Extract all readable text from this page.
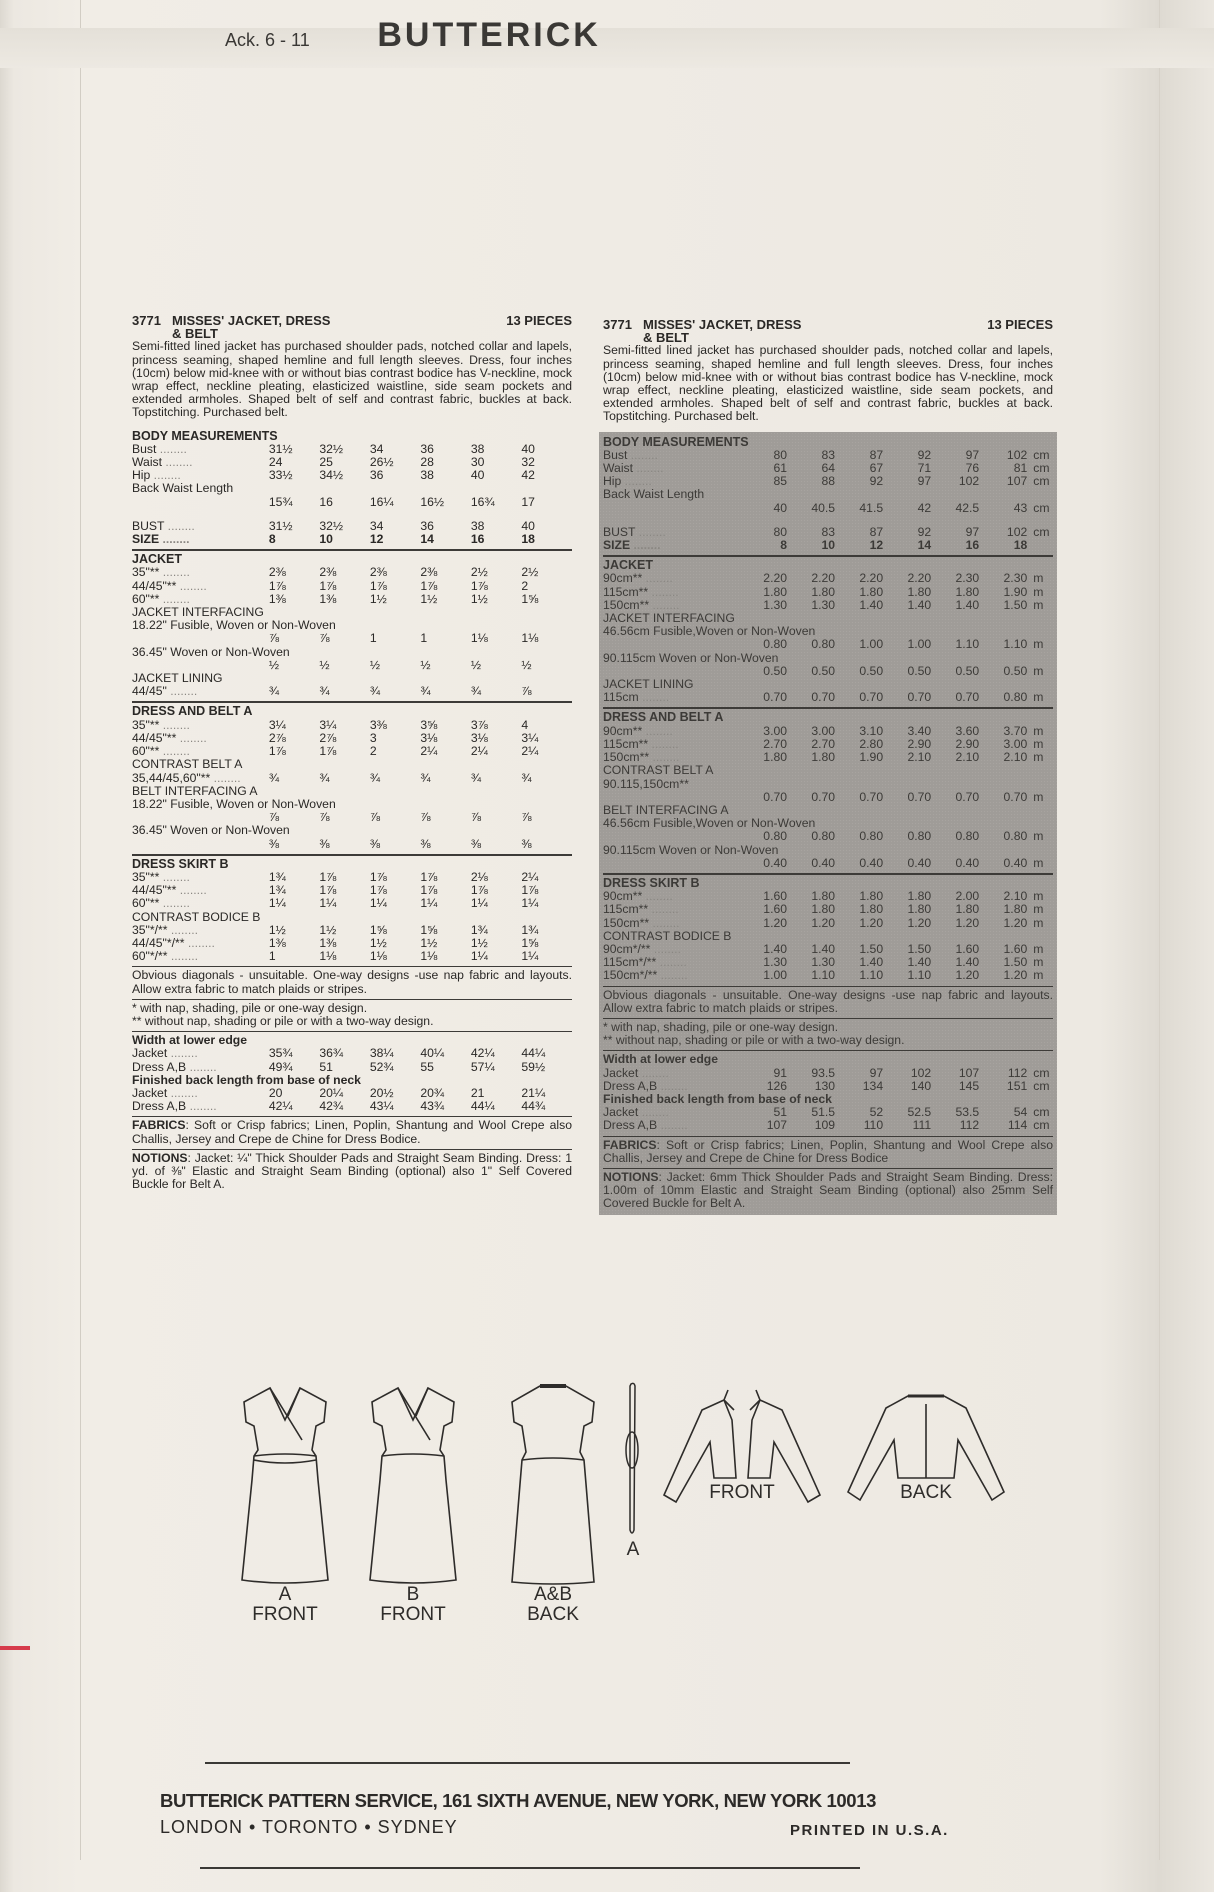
Ack. 6 - 11 BUTTERICK
3771 MISSES' JACKET, DRESS
& BELT
13 PIECES

Semi-fitted lined jacket has purchased shoulder pads, notched collar and lapels, princess seaming, shaped hemline and full length sleeves. Dress, four inches (10cm) below mid-knee with or without bias contrast bodice has V-neckline, mock wrap effect, neckline pleating, elasticized waistline, side seam pockets and extended armholes. Shaped belt of self and contrast fabric, buckles at back. Topstitching. Purchased belt.

BODY MEASUREMENTS
Bust ........	31½	32½	34	36	38	40
Waist ........	24	25	26½	28	30	32
Hip ........	33½	34½	36	38	40	42
Back Waist Length						
	15¾	16	16¼	16½	16¾	17

BUST ........	31½	32½	34	36	38	40
SIZE ........	8	10	12	14	16	18
JACKET
35"** ........	2⅜	2⅜	2⅜	2⅜	2½	2½
44/45"** ........	1⅞	1⅞	1⅞	1⅞	1⅞	2
60"** ........	1⅜	1⅜	1½	1½	1½	1⅝
JACKET INTERFACING						
18.22" Fusible, Woven or Non-Woven						
	⅞	⅞	1	1	1⅛	1⅛
36.45" Woven or Non-Woven						
	½	½	½	½	½	½
JACKET LINING						
44/45" ........	¾	¾	¾	¾	¾	⅞
DRESS AND BELT A
35"** ........	3¼	3¼	3⅜	3⅝	3⅞	4
44/45"** ........	2⅞	2⅞	3	3⅛	3⅛	3¼
60"** ........	1⅞	1⅞	2	2¼	2¼	2¼
CONTRAST BELT A						
35,44/45,60"** ........	¾	¾	¾	¾	¾	¾
BELT INTERFACING A						
18.22" Fusible, Woven or Non-Woven						
	⅞	⅞	⅞	⅞	⅞	⅞
36.45" Woven or Non-Woven						
	⅜	⅜	⅜	⅜	⅜	⅜
DRESS SKIRT B
35"** ........	1¾	1⅞	1⅞	1⅞	2⅛	2¼
44/45"** ........	1¾	1⅞	1⅞	1⅞	1⅞	1⅞
60"** ........	1¼	1¼	1¼	1¼	1¼	1¼
CONTRAST BODICE B						
35"*/** ........	1½	1½	1⅝	1⅝	1¾	1¾
44/45"*/** ........	1⅜	1⅜	1½	1½	1½	1⅝
60"*/** ........	1	1⅛	1⅛	1⅛	1¼	1¼

Obvious diagonals - unsuitable. One-way designs -use nap fabric and layouts. Allow extra fabric to match plaids or stripes.

* with nap, shading, pile or one-way design.

** without nap, shading or pile or with a two-way design.

Width at lower edge
Jacket ........	35¾	36¾	38¼	40¼	42¼	44¼
Dress A,B ........	49¾	51	52¾	55	57¼	59½
Finished back length from base of neck
Jacket ........	20	20¼	20½	20¾	21	21¼
Dress A,B ........	42¼	42¾	43¼	43¾	44¼	44¾

FABRICS: Soft or Crisp fabrics; Linen, Poplin, Shantung and Wool Crepe also Challis, Jersey and Crepe de Chine for Dress Bodice.

NOTIONS: Jacket: ¼" Thick Shoulder Pads and Straight Seam Binding. Dress: 1 yd. of ⅜" Elastic and Straight Seam Binding (optional) also 1" Self Covered Buckle for Belt A.

3771 MISSES' JACKET, DRESS
& BELT
13 PIECES

Semi-fitted lined jacket has purchased shoulder pads, notched collar and lapels, princess seaming, shaped hemline and full length sleeves. Dress, four inches (10cm) below mid-knee with or without bias contrast bodice has V-neckline, mock wrap effect, neckline pleating, elasticized waistline, side seam pockets, and extended armholes. Shaped belt of self and contrast fabric, buckles at back. Topstitching. Purchased belt.

BODY MEASUREMENTS
Bust ........	80	83	87	92	97	102	cm
Waist ........	61	64	67	71	76	81	cm
Hip ........	85	88	92	97	102	107	cm
Back Waist Length							
	40	40.5	41.5	42	42.5	43	cm

BUST ........	80	83	87	92	97	102	cm
SIZE ........	8	10	12	14	16	18	
JACKET
90cm** ........	2.20	2.20	2.20	2.20	2.30	2.30	m
115cm** ........	1.80	1.80	1.80	1.80	1.80	1.90	m
150cm** ........	1.30	1.30	1.40	1.40	1.40	1.50	m
JACKET INTERFACING							
46.56cm Fusible,Woven or Non-Woven							
	0.80	0.80	1.00	1.00	1.10	1.10	m
90.115cm Woven or Non-Woven							
	0.50	0.50	0.50	0.50	0.50	0.50	m
JACKET LINING							
115cm ........	0.70	0.70	0.70	0.70	0.70	0.80	m
DRESS AND BELT A
90cm** ........	3.00	3.00	3.10	3.40	3.60	3.70	m
115cm** ........	2.70	2.70	2.80	2.90	2.90	3.00	m
150cm** ........	1.80	1.80	1.90	2.10	2.10	2.10	m
CONTRAST BELT A							
90.115,150cm**							
	0.70	0.70	0.70	0.70	0.70	0.70	m
BELT INTERFACING A							
46.56cm Fusible,Woven or Non-Woven							
	0.80	0.80	0.80	0.80	0.80	0.80	m
90.115cm Woven or Non-Woven							
	0.40	0.40	0.40	0.40	0.40	0.40	m
DRESS SKIRT B
90cm** ........	1.60	1.80	1.80	1.80	2.00	2.10	m
115cm** ........	1.60	1.80	1.80	1.80	1.80	1.80	m
150cm** ........	1.20	1.20	1.20	1.20	1.20	1.20	m
CONTRAST BODICE B							
90cm*/** ........	1.40	1.40	1.50	1.50	1.60	1.60	m
115cm*/** ........	1.30	1.30	1.40	1.40	1.40	1.50	m
150cm*/** ........	1.00	1.10	1.10	1.10	1.20	1.20	m

Obvious diagonals - unsuitable. One-way designs -use nap fabric and layouts. Allow extra fabric to match plaids or stripes.

* with nap, shading, pile or one-way design.

** without nap, shading or pile or with a two-way design.

Width at lower edge
Jacket ........	91	93.5	97	102	107	112	cm
Dress A,B ........	126	130	134	140	145	151	cm
Finished back length from base of neck
Jacket ........	51	51.5	52	52.5	53.5	54	cm
Dress A,B ........	107	109	110	111	112	114	cm

FABRICS: Soft or Crisp fabrics; Linen, Poplin, Shantung and Wool Crepe also Challis, Jersey and Crepe de Chine for Dress Bodice

NOTIONS: Jacket: 6mm Thick Shoulder Pads and Straight Seam Binding. Dress: 1.00m of 10mm Elastic and Straight Seam Binding (optional) also 25mm Self Covered Buckle for Belt A.

A
FRONT
B
FRONT
A&B
BACK
A
FRONT	BACK
BUTTERICK PATTERN SERVICE, 161 SIXTH AVENUE, NEW YORK, NEW YORK 10013
LONDON • TORONTO • SYDNEY	PRINTED IN U.S.A.
